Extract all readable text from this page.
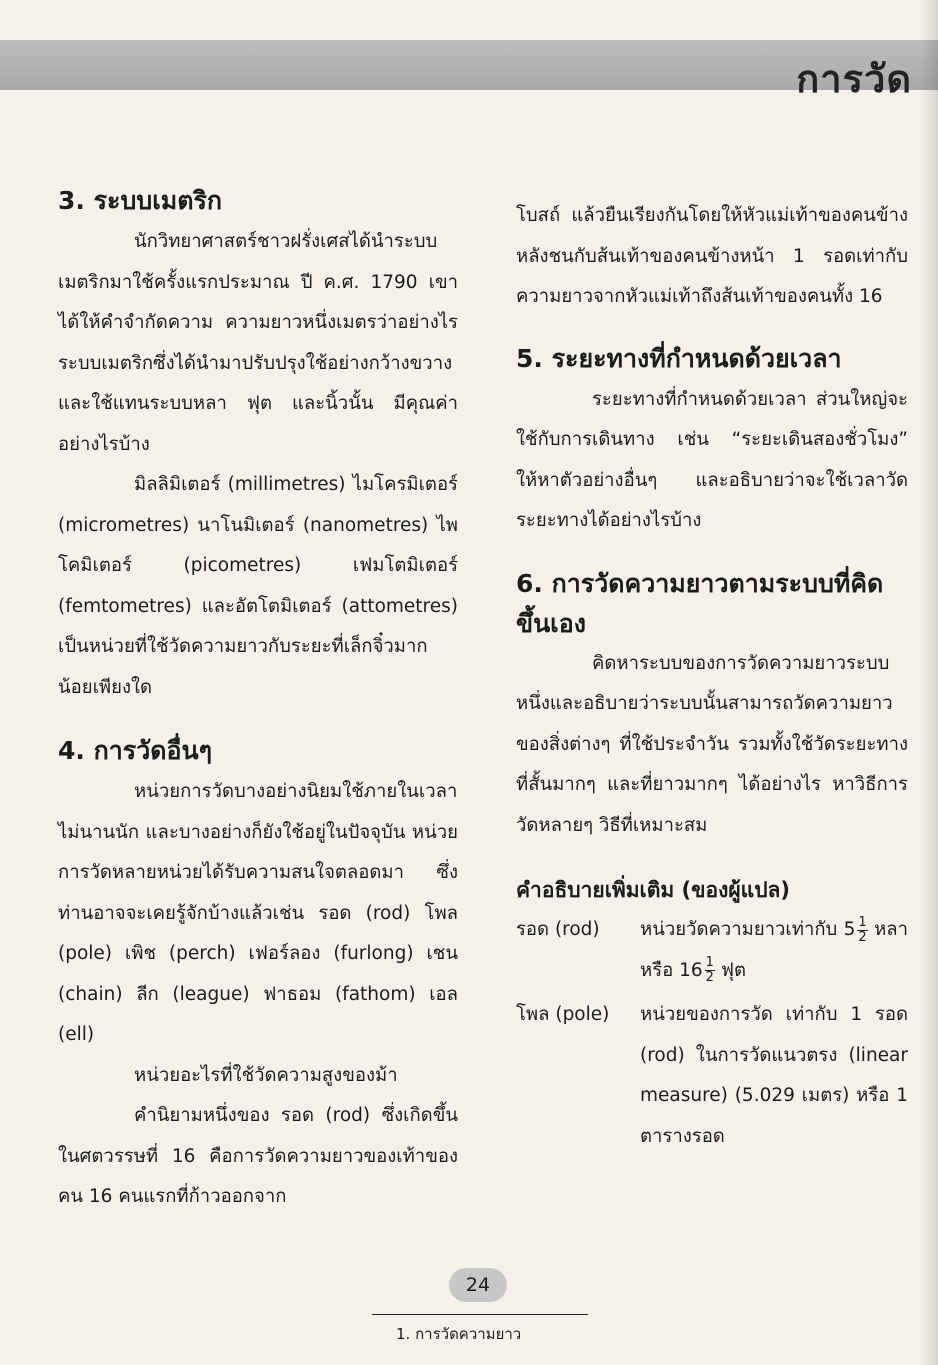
การวัด
3. ระบบเมตริก

นักวิทยาศาสตร์ชาวฝรั่งเศสได้นำระบบเมตริกมาใช้ครั้งแรกประมาณ ปี ค.ศ. 1790 เขาได้ให้คำจำกัดความ ความยาวหนึ่งเมตรว่าอย่างไร ระบบเมตริกซึ่งได้นำมาปรับปรุงใช้อย่างกว้างขวาง และใช้แทนระบบหลา ฟุต และนิ้วนั้น มีคุณค่าอย่างไรบ้าง

มิลลิมิเตอร์ (millimetres) ไมโครมิเตอร์ (micrometres) นาโนมิเตอร์ (nanometres) ไพโคมิเตอร์ (picometres) เฟมโตมิเตอร์ (femtometres) และอัตโตมิเตอร์ (attometres) เป็นหน่วยที่ใช้วัดความยาวกับระยะที่เล็กจิ๋วมากน้อยเพียงใด

4. การวัดอื่นๆ

หน่วยการวัดบางอย่างนิยมใช้ภายในเวลาไม่นานนัก และบางอย่างก็ยังใช้อยู่ในปัจจุบัน หน่วยการวัดหลายหน่วยได้รับความสนใจตลอดมา ซึ่งท่านอาจจะเคยรู้จักบ้างแล้วเช่น รอด (rod) โพล (pole) เพิช (perch) เฟอร์ลอง (furlong) เชน (chain) ลีก (league) ฟาธอม (fathom) เอล (ell)

หน่วยอะไรที่ใช้วัดความสูงของม้า

คำนิยามหนึ่งของ รอด (rod) ซึ่งเกิดขึ้นในศตวรรษที่ 16 คือการวัดความยาวของเท้าของคน 16 คนแรกที่ก้าวออกจาก

โบสถ์ แล้วยืนเรียงกันโดยให้หัวแม่เท้าของคนข้างหลังชนกับส้นเท้าของคนข้างหน้า 1 รอดเท่ากับความยาวจากหัวแม่เท้าถึงส้นเท้าของคนทั้ง 16

5. ระยะทางที่กำหนดด้วยเวลา

ระยะทางที่กำหนดด้วยเวลา ส่วนใหญ่จะใช้กับการเดินทาง เช่น “ระยะเดินสองชั่วโมง” ให้หาตัวอย่างอื่นๆ และอธิบายว่าจะใช้เวลาวัดระยะทางได้อย่างไรบ้าง

6. การวัดความยาวตามระบบที่คิดขึ้นเอง

คิดหาระบบของการวัดความยาวระบบหนึ่งและอธิบายว่าระบบนั้นสามารถวัดความยาวของสิ่งต่างๆ ที่ใช้ประจำวัน รวมทั้งใช้วัดระยะทางที่สั้นมากๆ และที่ยาวมากๆ ได้อย่างไร หาวิธีการวัดหลายๆ วิธีที่เหมาะสม

คำอธิบายเพิ่มเติม (ของผู้แปล)
รอด (rod)	หน่วยวัดความยาวเท่ากับ $5 \frac{1}{2}$ หลา หรือ $16 \frac{1}{2}$ ฟุต
โพล (pole)	หน่วยของการวัด เท่ากับ 1 รอด (rod) ในการวัดแนวตรง (linear measure) (5.029 เมตร) หรือ 1 ตารางรอด
24
1. การวัดความยาว
